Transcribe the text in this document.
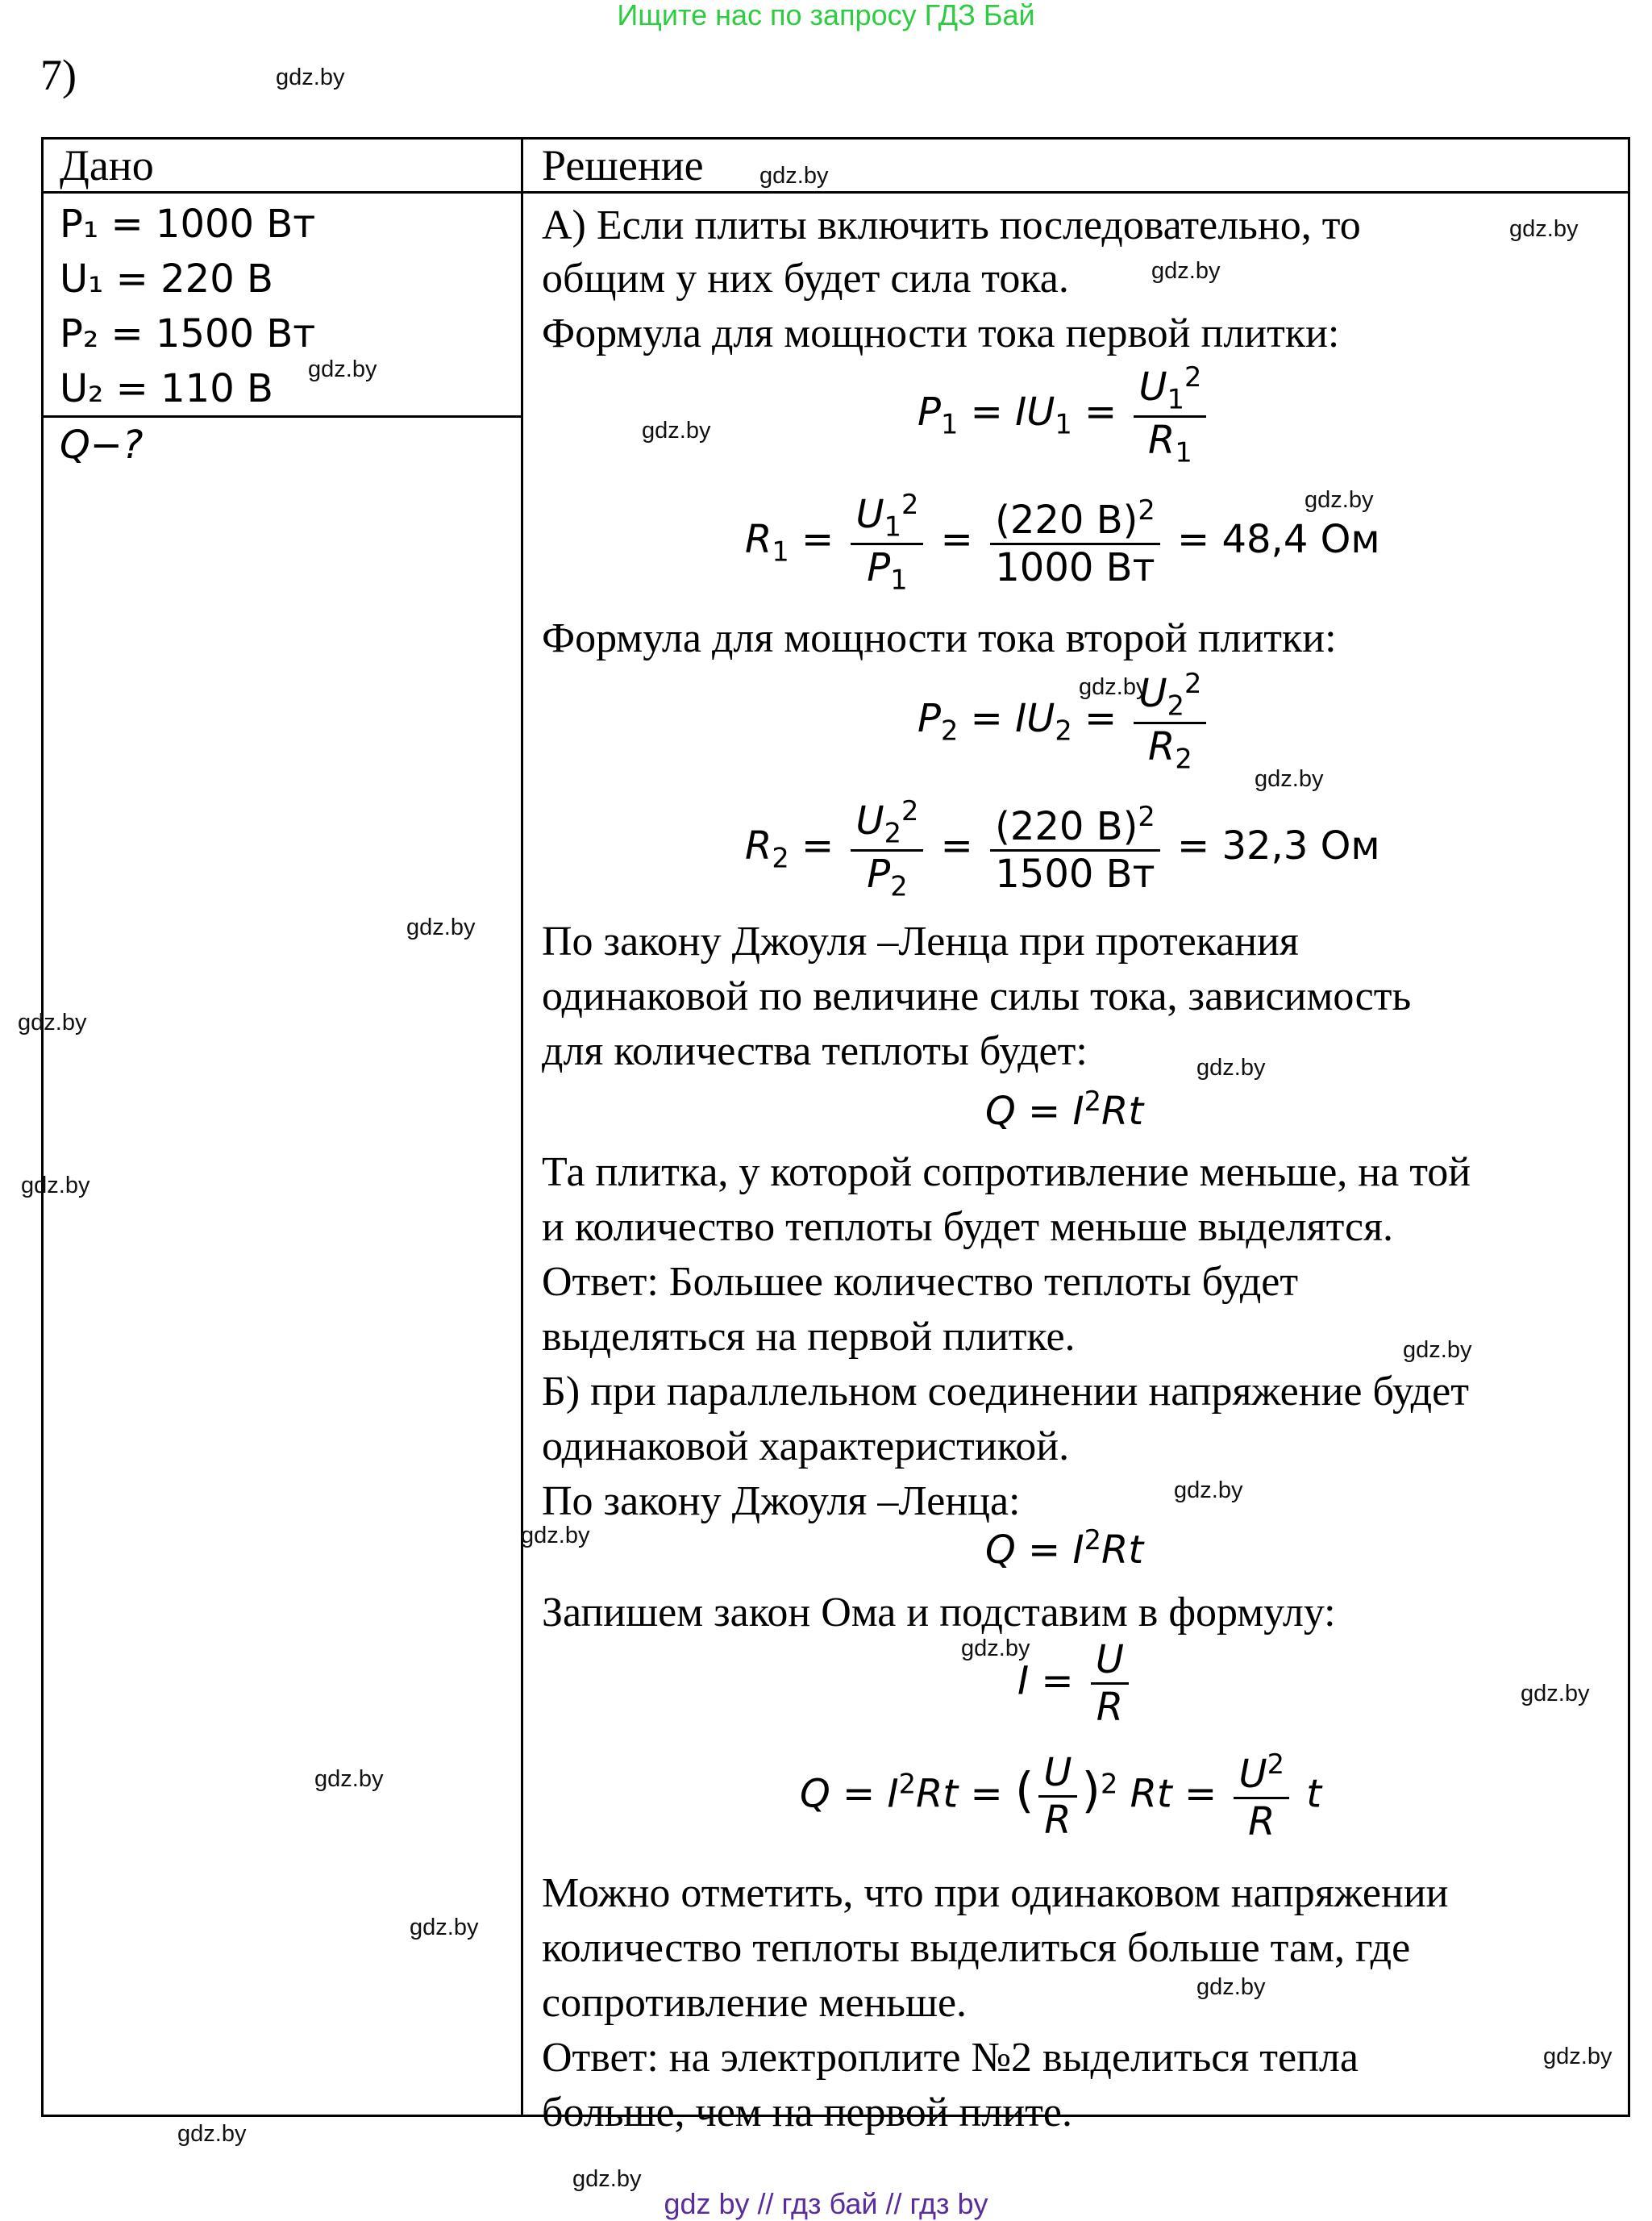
Ищите нас по запросу ГДЗ Бай
7)
Дано	Решение
P₁ = 1000 Вт
U₁ = 220 В
P₂ = 1500 Вт
U₂ = 110 В
Q−?
А) Если плиты включить последовательно, то
общим у них будет сила тока.
Формула для мощности тока первой плитки:
$P_1 = IU_1 = \frac{U_1^2}{R_1}$
$R_1 = \frac{U_1^2}{P_1} = \frac{(220 В)^2}{1000 Вт} = 48,4$ Ом
Формула для мощности тока второй плитки:
$P_2 = IU_2 = \frac{U_2^2}{R_2}$
$R_2 = \frac{U_2^2}{P_2} = \frac{(220 В)^2}{1500 Вт} = 32,3$ Ом
По закону Джоуля –Ленца при протекания
одинаковой по величине силы тока, зависимость
для количества теплоты будет:
$Q = I^2Rt$
Та плитка, у которой сопротивление меньше, на той
и количество теплоты будет меньше выделятся.
Ответ: Большее количество теплоты будет
выделяться на первой плитке.
Б) при параллельном соединении напряжение будет
одинаковой характеристикой.
По закону Джоуля –Ленца:
$Q = I^2Rt$
Запишем закон Ома и подставим в формулу:
$I = \frac{U}{R}$
$Q = I^2Rt$ = ( $\frac{U}{R} )^2$ $Rt = \frac{U^2}{R}$ t
Можно отметить, что при одинаковом напряжении
количество теплоты выделиться больше там, где
сопротивление меньше.
Ответ: на электроплите №2 выделиться тепла
больше, чем на первой плите.
gdz.by
gdz.by
gdz.by
gdz.by
gdz.by
gdz.by
gdz.by
gdz.by
gdz.by
gdz.by
gdz.by
gdz.by
gdz.by
gdz.by
gdz.by
gdz.by
gdz.by
gdz.by
gdz.by
gdz.by
gdz.by
gdz.by
gdz.by
gdz.by
gdz by // гдз бай // гдз by
